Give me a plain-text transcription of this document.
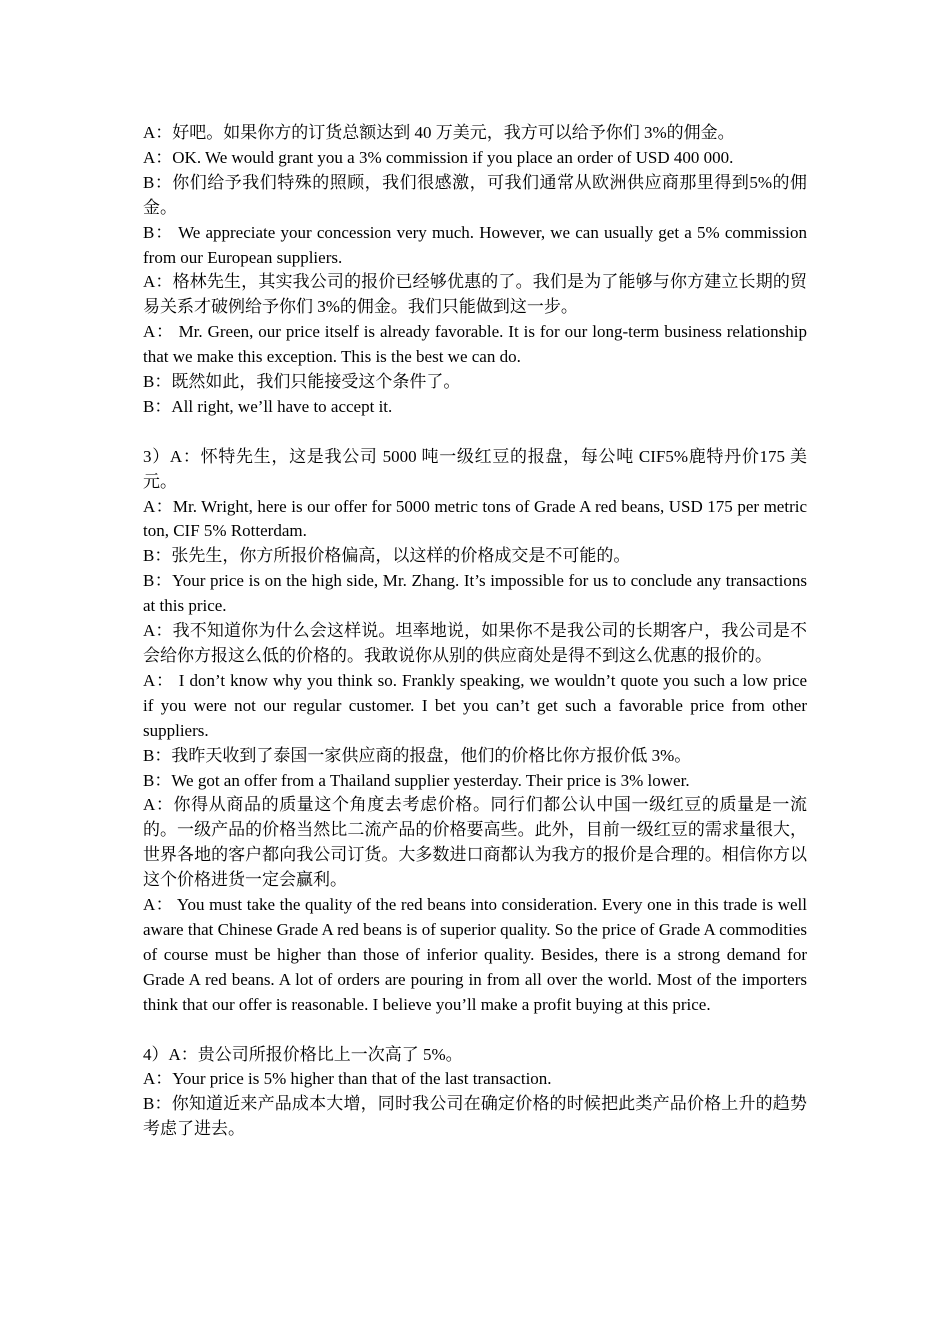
A：好吧。如果你方的订货总额达到 40 万美元，我方可以给予你们 3%的佣金。

A：OK. We would grant you a 3% commission if you place an order of USD 400 000.

B：你们给予我们特殊的照顾，我们很感激，可我们通常从欧洲供应商那里得到5%的佣金。

B： We appreciate your concession very much. However, we can usually get a 5% commission from our European suppliers.

A：格林先生，其实我公司的报价已经够优惠的了。我们是为了能够与你方建立长期的贸易关系才破例给予你们 3%的佣金。我们只能做到这一步。

A： Mr. Green, our price itself is already favorable. It is for our long-term business relationship that we make this exception. This is the best we can do.

B：既然如此，我们只能接受这个条件了。

B：All right, we’ll have to accept it.

3）A：怀特先生，这是我公司 5000 吨一级红豆的报盘，每公吨 CIF5%鹿特丹价175 美元。

A：Mr. Wright, here is our offer for 5000 metric tons of Grade A red beans, USD 175 per metric ton, CIF 5% Rotterdam.

B：张先生，你方所报价格偏高，以这样的价格成交是不可能的。

B：Your price is on the high side, Mr. Zhang. It’s impossible for us to conclude any transactions at this price.

A：我不知道你为什么会这样说。坦率地说，如果你不是我公司的长期客户，我公司是不会给你方报这么低的价格的。我敢说你从别的供应商处是得不到这么优惠的报价的。

A： I don’t know why you think so. Frankly speaking, we wouldn’t quote you such a low price if you were not our regular customer. I bet you can’t get such a favorable price from other suppliers.

B：我昨天收到了泰国一家供应商的报盘，他们的价格比你方报价低 3%。

B：We got an offer from a Thailand supplier yesterday. Their price is 3% lower.

A：你得从商品的质量这个角度去考虑价格。同行们都公认中国一级红豆的质量是一流的。一级产品的价格当然比二流产品的价格要高些。此外，目前一级红豆的需求量很大，世界各地的客户都向我公司订货。大多数进口商都认为我方的报价是合理的。相信你方以这个价格进货一定会赢利。

A： You must take the quality of the red beans into consideration. Every one in this trade is well aware that Chinese Grade A red beans is of superior quality. So the price of Grade A commodities of course must be higher than those of inferior quality. Besides, there is a strong demand for Grade A red beans. A lot of orders are pouring in from all over the world. Most of the importers think that our offer is reasonable. I believe you’ll make a profit buying at this price.

4）A：贵公司所报价格比上一次高了 5%。

A：Your price is 5% higher than that of the last transaction.

B：你知道近来产品成本大增，同时我公司在确定价格的时候把此类产品价格上升的趋势考虑了进去。
